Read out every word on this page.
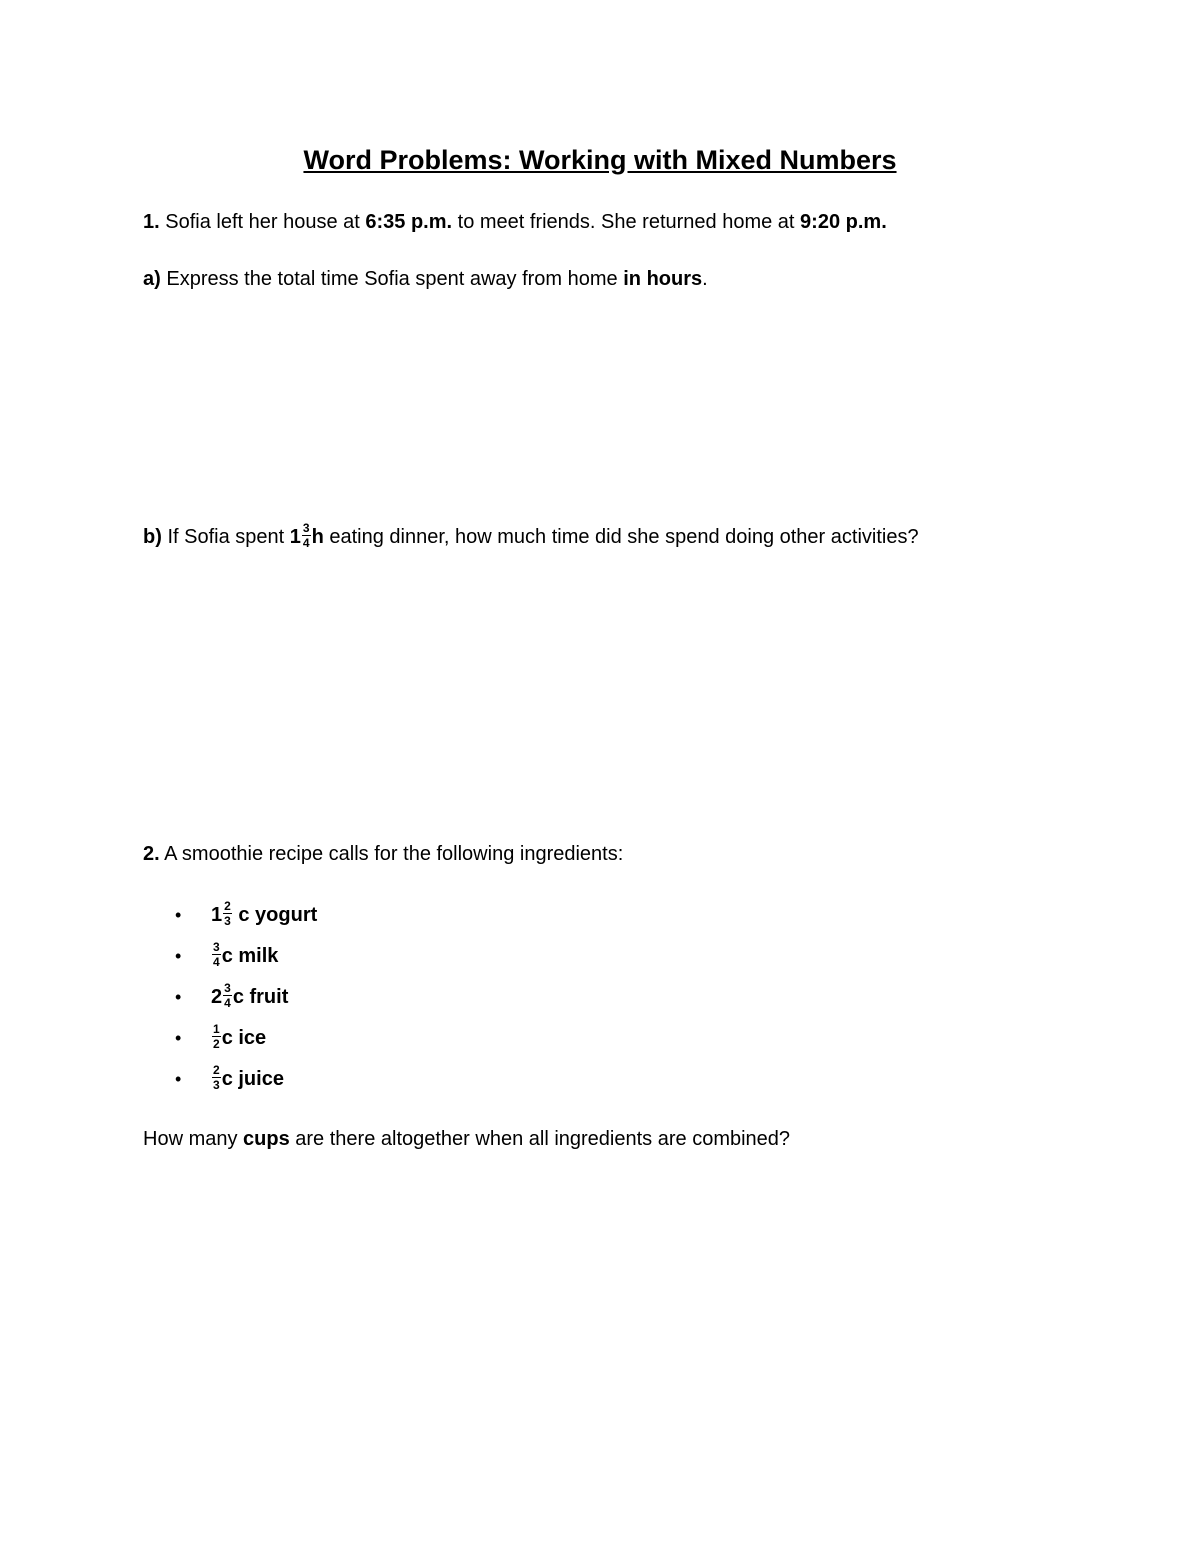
Word Problems: Working with Mixed Numbers
1. Sofia left her house at 6:35 p.m. to meet friends. She returned home at 9:20 p.m.
a) Express the total time Sofia spent away from home in hours.
b) If Sofia spent $1 \frac{3}{4}$ h eating dinner, how much time did she spend doing other activities?
2. A smoothie recipe calls for the following ingredients:
• $1 \frac{2}{3}$ c yogurt
•	$\frac{3}{4}$ c milk
• $2 \frac{3}{4}$ c fruit
•	$\frac{1}{2}$ c ice
•	$\frac{2}{3}$ c juice
How many cups are there altogether when all ingredients are combined?
